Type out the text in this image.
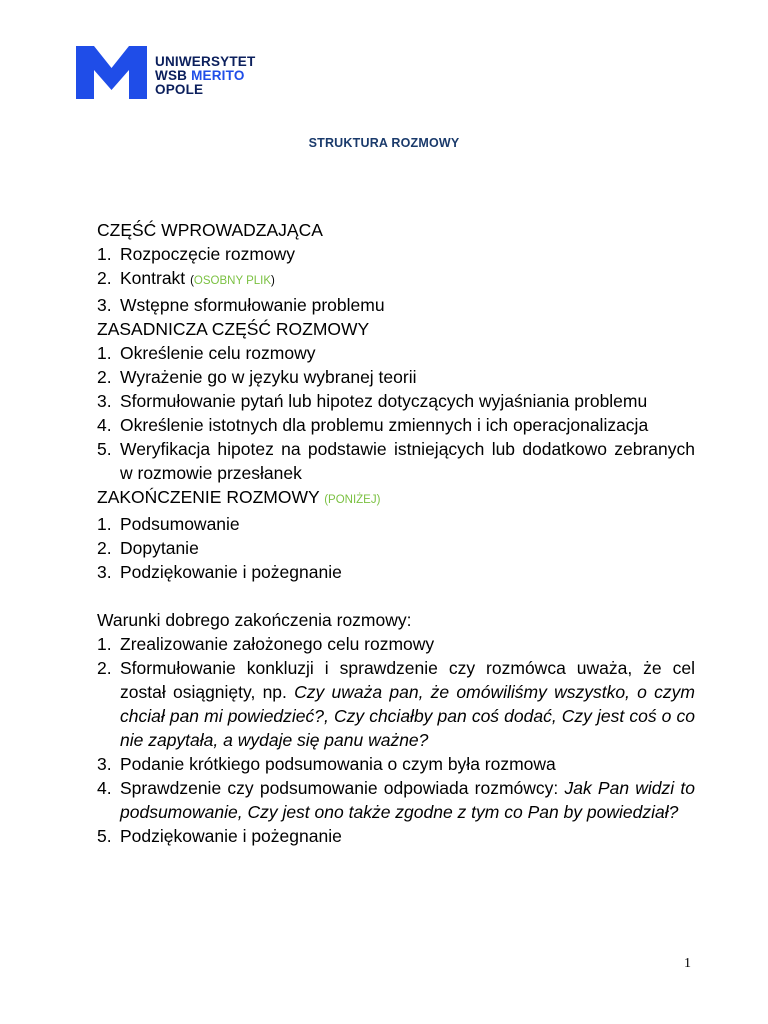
UNIWERSYTET
WSB MERITO
OPOLE
STRUKTURA ROZMOWY
CZĘŚĆ WPROWADZAJĄCA
1. Rozpoczęcie rozmowy
2. Kontrakt (OSOBNY PLIK)
3. Wstępne sformułowanie problemu
ZASADNICZA CZĘŚĆ ROZMOWY
1. Określenie celu rozmowy
2. Wyrażenie go w języku wybranej teorii
3. Sformułowanie pytań lub hipotez dotyczących wyjaśniania problemu
4. Określenie istotnych dla problemu zmiennych i ich operacjonalizacja
5. Weryfikacja hipotez na podstawie istniejących lub dodatkowo zebranych w rozmowie przesłanek
ZAKOŃCZENIE ROZMOWY (PONIŻEJ)
1. Podsumowanie
2. Dopytanie
3. Podziękowanie i pożegnanie
Warunki dobrego zakończenia rozmowy:
1. Zrealizowanie założonego celu rozmowy
2. Sformułowanie konkluzji i sprawdzenie czy rozmówca uważa, że cel został osiągnięty, np. Czy uważa pan, że omówiliśmy wszystko, o czym chciał pan mi powiedzieć?, Czy chciałby pan coś dodać, Czy jest coś o co nie zapytała, a wydaje się panu ważne?
3. Podanie krótkiego podsumowania o czym była rozmowa
4. Sprawdzenie czy podsumowanie odpowiada rozmówcy: Jak Pan widzi to podsumowanie, Czy jest ono także zgodne z tym co Pan by powiedział?
5. Podziękowanie i pożegnanie
1
